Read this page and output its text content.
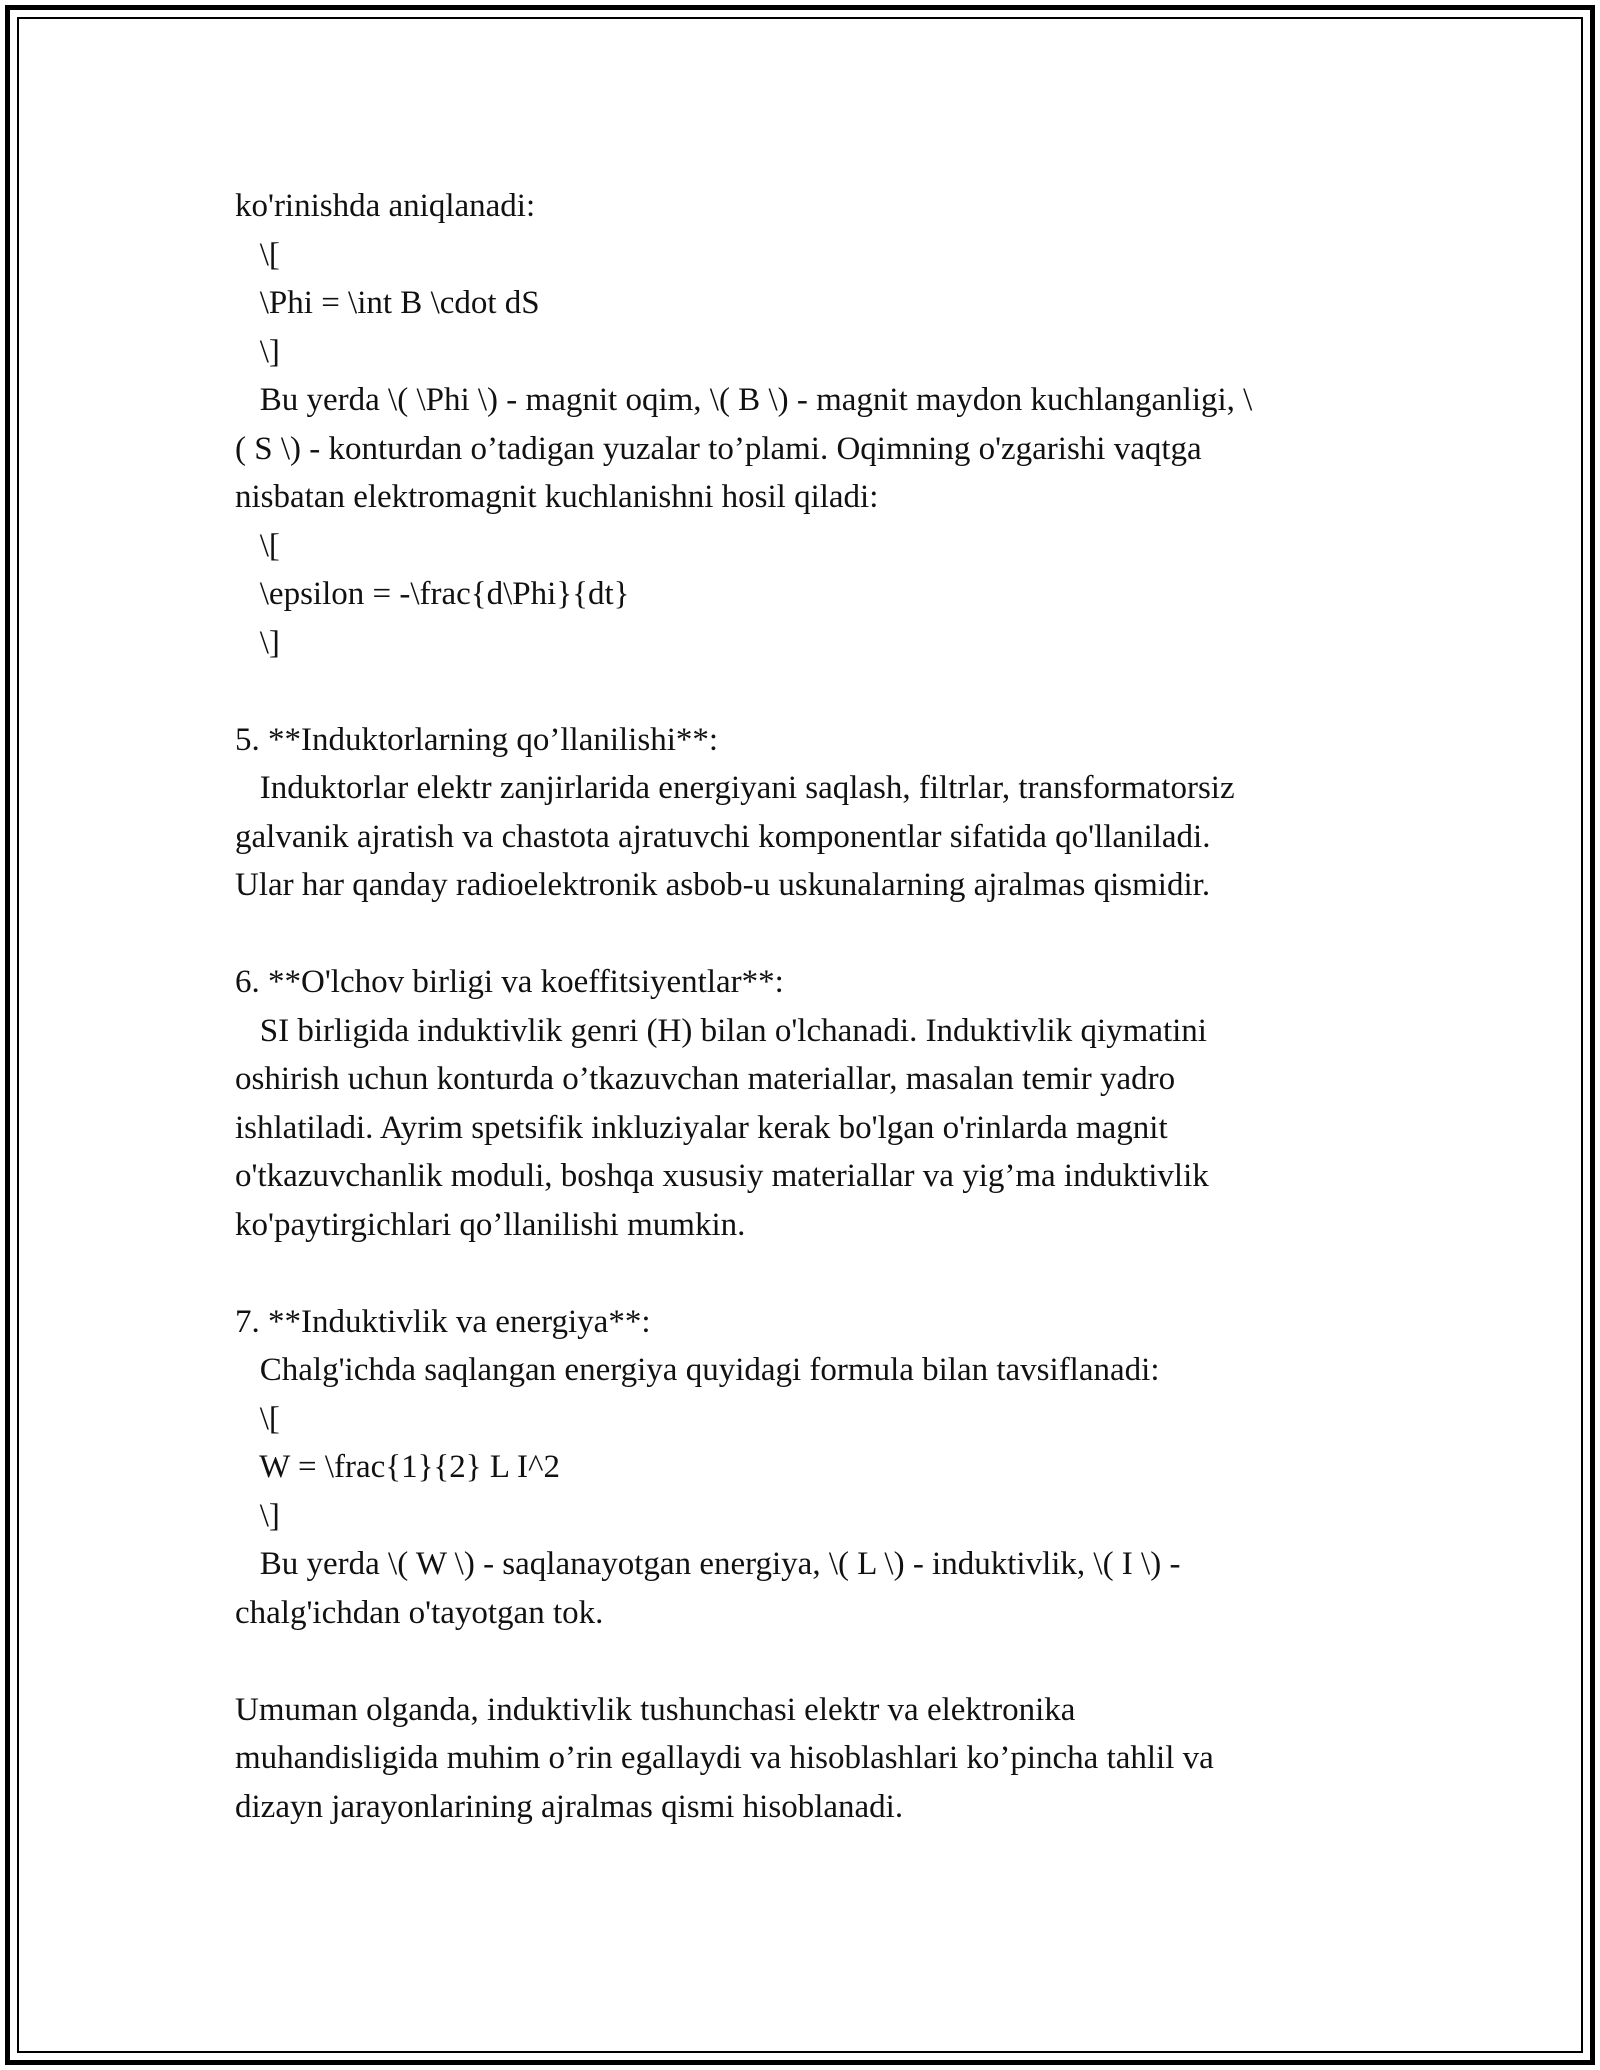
ko'rinishda aniqlanadi:
\[
\Phi = \int B \cdot dS
\]
Bu yerda \( \Phi \) - magnit oqim, \( B \) - magnit maydon kuchlanganligi, \
( S \) - konturdan o’tadigan yuzalar to’plami. Oqimning o'zgarishi vaqtga
nisbatan elektromagnit kuchlanishni hosil qiladi:
\[
\epsilon = -\frac{d\Phi}{dt}
\]
5. **Induktorlarning qo’llanilishi**:
Induktorlar elektr zanjirlarida energiyani saqlash, filtrlar, transformatorsiz
galvanik ajratish va chastota ajratuvchi komponentlar sifatida qo'llaniladi.
Ular har qanday radioelektronik asbob-u uskunalarning ajralmas qismidir.
6. **O'lchov birligi va koeffitsiyentlar**:
SI birligida induktivlik genri (H) bilan o'lchanadi. Induktivlik qiymatini
oshirish uchun konturda o’tkazuvchan materiallar, masalan temir yadro
ishlatiladi. Ayrim spetsifik inkluziyalar kerak bo'lgan o'rinlarda magnit
o'tkazuvchanlik moduli, boshqa xususiy materiallar va yig’ma induktivlik
ko'paytirgichlari qo’llanilishi mumkin.
7. **Induktivlik va energiya**:
Chalg'ichda saqlangan energiya quyidagi formula bilan tavsiflanadi:
\[
W = \frac{1}{2} L I^2
\]
Bu yerda \( W \) - saqlanayotgan energiya, \( L \) - induktivlik, \( I \) -
chalg'ichdan o'tayotgan tok.
Umuman olganda, induktivlik tushunchasi elektr va elektronika
muhandisligida muhim o’rin egallaydi va hisoblashlari ko’pincha tahlil va
dizayn jarayonlarining ajralmas qismi hisoblanadi.
